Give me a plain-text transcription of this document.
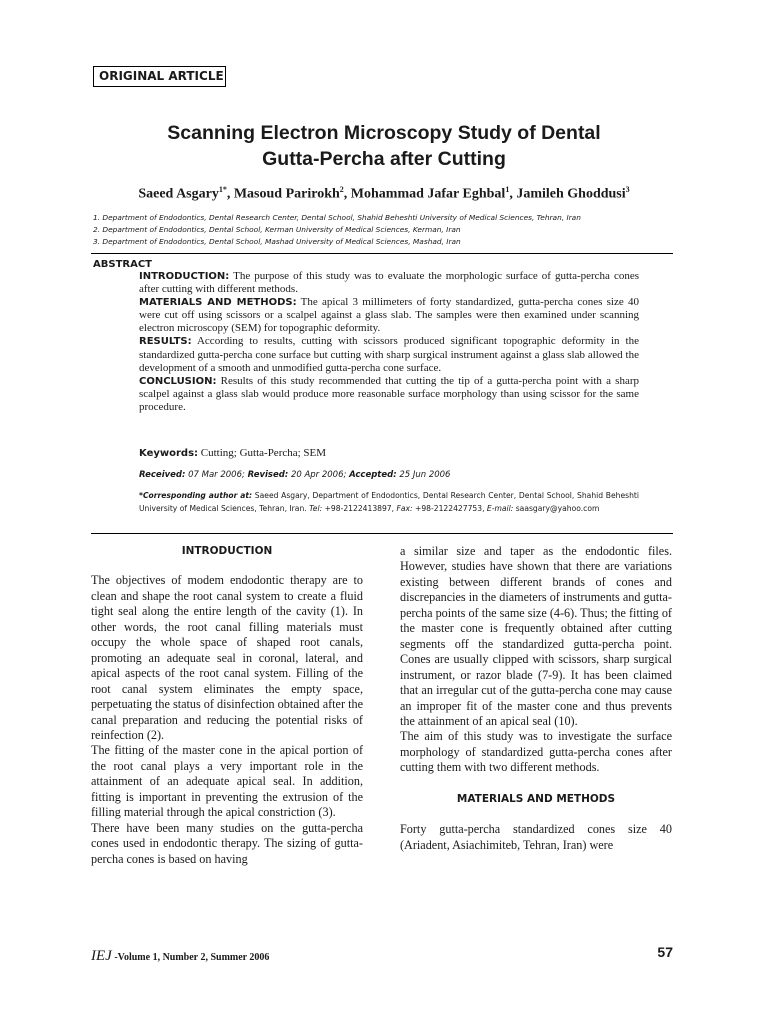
ORIGINAL ARTICLE
Scanning Electron Microscopy Study of Dental
Gutta-Percha after Cutting
Saeed Asgary$^{1*}$, Masoud Parirokh$^2$, Mohammad Jafar Eghbal$^1$, Jamileh Ghoddusi$^3$
1. Department of Endodontics, Dental Research Center, Dental School, Shahid Beheshti University of Medical Sciences, Tehran, Iran
2. Department of Endodontics, Dental School, Kerman University of Medical Sciences, Kerman, Iran
3. Department of Endodontics, Dental School, Mashad University of Medical Sciences, Mashad, Iran
ABSTRACT

INTRODUCTION: The purpose of this study was to evaluate the morphologic surface of gutta-percha cones after cutting with different methods.

MATERIALS AND METHODS: The apical 3 millimeters of forty standardized, gutta-percha cones size 40 were cut off using scissors or a scalpel against a glass slab. The samples were then examined under scanning electron microscopy (SEM) for topographic deformity.

RESULTS: According to results, cutting with scissors produced significant topographic deformity in the standardized gutta-percha cone surface but cutting with sharp surgical instrument against a glass slab allowed the development of a smooth and unmodified gutta-percha cone surface.

CONCLUSION: Results of this study recommended that cutting the tip of a gutta-percha point with a sharp scalpel against a glass slab would produce more reasonable surface morphology than using scissor for the same procedure.

Keywords: Cutting; Gutta-Percha; SEM
Received: 07 Mar 2006; Revised: 20 Apr 2006; Accepted: 25 Jun 2006
*Corresponding author at: Saeed Asgary, Department of Endodontics, Dental Research Center, Dental School, Shahid Beheshti University of Medical Sciences, Tehran, Iran. Tel: +98-2122413897, Fax: +98-2122427753, E-mail: saasgary@yahoo.com

INTRODUCTION

The objectives of modem endodontic therapy are to clean and shape the root canal system to create a fluid tight seal along the entire length of the cavity (1). In other words, the root canal filling materials must occupy the whole space of shaped root canals, promoting an adequate seal in coronal, lateral, and apical aspects of the root canal system. Filling of the root canal system eliminates the empty space, perpetuating the status of disinfection obtained after the canal preparation and reducing the potential risks of reinfection (2).

The fitting of the master cone in the apical portion of the root canal plays a very important role in the attainment of an adequate apical seal. In addition, fitting is important in preventing the extrusion of the filling material through the apical constriction (3).

There have been many studies on the gutta-percha cones used in endodontic therapy. The sizing of gutta-percha cones is based on having

a similar size and taper as the endodontic files. However, studies have shown that there are variations existing between different brands of cones and discrepancies in the diameters of instruments and gutta-percha points of the same size (4-6). Thus; the fitting of the master cone is frequently obtained after cutting segments off the standardized gutta-percha point. Cones are usually clipped with scissors, sharp surgical instrument, or razor blade (7-9). It has been claimed that an irregular cut of the gutta-percha cone may cause an improper fit of the master cone and thus prevents the attainment of an apical seal (10).

The aim of this study was to investigate the surface morphology of standardized gutta-percha cones after cutting them with two different methods.

MATERIALS AND METHODS

Forty gutta-percha standardized cones size 40 (Ariadent, Asiachimiteb, Tehran, Iran) were

IEJ -Volume 1, Number 2, Summer 2006	57
